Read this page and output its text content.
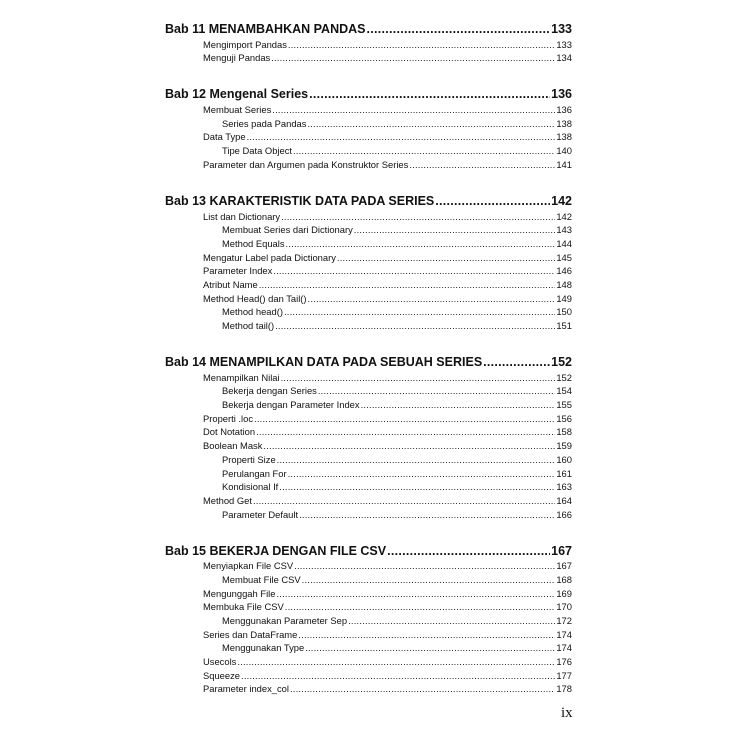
Bab 11 MENAMBAHKAN PANDAS . . .	133
Mengimport Pandas . . .	133
Menguji Pandas . . .	134
Bab 12 Mengenal Series . . .	136
Membuat Series . . .	136
Series pada Pandas . . .	138
Data Type . . .	138
Tipe Data Object . . .	140
Parameter dan Argumen pada Konstruktor Series . . .	141
Bab 13 KARAKTERISTIK DATA PADA SERIES . . .	142
List dan Dictionary . . .	142
Membuat Series dari Dictionary . . .	143
Method Equals . . .	144
Mengatur Label pada Dictionary . . .	145
Parameter Index . . .	146
Atribut Name . . .	148
Method Head() dan Tail() . . .	149
Method head() . . .	150
Method tail() . . .	151
Bab 14 MENAMPILKAN DATA PADA SEBUAH SERIES . . .	152
Menampilkan Nilai . . .	152
Bekerja dengan Series . . .	154
Bekerja dengan Parameter Index . . .	155
Properti .loc . . .	156
Dot Notation . . .	158
Boolean Mask . . .	159
Properti Size . . .	160
Perulangan For . . .	161
Kondisional If . . .	163
Method Get . . .	164
Parameter Default . . .	166
Bab 15 BEKERJA DENGAN FILE CSV . . .	167
Menyiapkan File CSV . . .	167
Membuat File CSV . . .	168
Mengunggah File . . .	169
Membuka File CSV . . .	170
Menggunakan Parameter Sep . . .	172
Series dan DataFrame . . .	174
Menggunakan Type . . .	174
Usecols . . .	176
Squeeze . . .	177
Parameter index_col . . .	178
ix
